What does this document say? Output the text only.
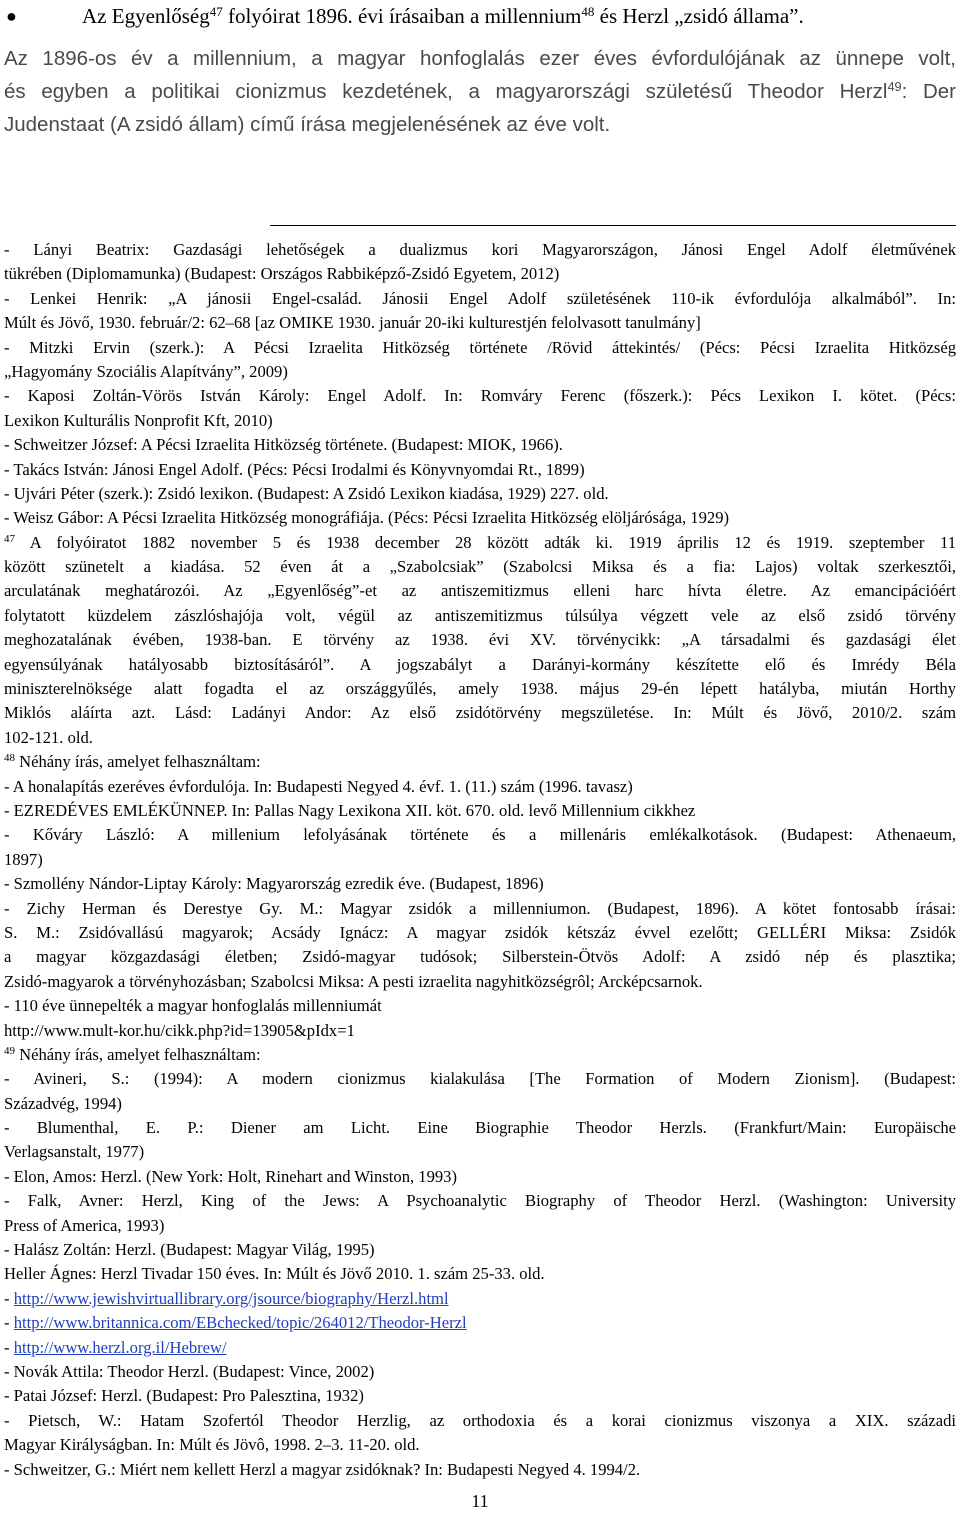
●	Az Egyenlőség$^{47}$ folyóirat 1896. évi írásaiban a millennium$^{48}$ és Herzl „zsidó állama”.
Az 1896-os év a millennium, a magyar honfoglalás ezer éves évfordulójának az ünnepe volt,
és egyben a politikai cionizmus kezdetének, a magyarországi születésű Theodor Herzl$^{49}$: Der
Judenstaat (A zsidó állam) című írása megjelenésének az éve volt.
- Lányi Beatrix: Gazdasági lehetőségek a dualizmus kori Magyarországon, Jánosi Engel Adolf életművének
tükrében (Diplomamunka) (Budapest: Országos Rabbiképző-Zsidó Egyetem, 2012)
- Lenkei Henrik: „A jánosii Engel-család. Jánosii Engel Adolf születésének 110-ik évfordulója alkalmából”. In:
Múlt és Jövő, 1930. február/2: 62–68 [az OMIKE 1930. január 20-iki kulturestjén felolvasott tanulmány]
- Mitzki Ervin (szerk.): A Pécsi Izraelita Hitközség története /Rövid áttekintés/ (Pécs: Pécsi Izraelita Hitközség
„Hagyomány Szociális Alapítvány”, 2009)
- Kaposi Zoltán-Vörös István Károly: Engel Adolf. In: Romváry Ferenc (főszerk.): Pécs Lexikon I. kötet. (Pécs:
Lexikon Kulturális Nonprofit Kft, 2010)
- Schweitzer József: A Pécsi Izraelita Hitközség története. (Budapest: MIOK, 1966).
- Takács István: Jánosi Engel Adolf. (Pécs: Pécsi Irodalmi és Könyvnyomdai Rt., 1899)
- Ujvári Péter (szerk.): Zsidó lexikon. (Budapest: A Zsidó Lexikon kiadása, 1929) 227. old.
- Weisz Gábor: A Pécsi Izraelita Hitközség monográfiája. (Pécs: Pécsi Izraelita Hitközség elöljárósága, 1929)
$^{47}$ A folyóiratot 1882 november 5 és 1938 december 28 között adták ki. 1919 április 12 és 1919. szeptember 11
között szünetelt a kiadása. 52 éven át a „Szabolcsiak” (Szabolcsi Miksa és a fia: Lajos) voltak szerkesztői,
arculatának meghatározói. Az „Egyenlőség”-et az antiszemitizmus elleni harc hívta életre. Az emancipációért
folytatott küzdelem zászlóshajója volt, végül az antiszemitizmus túlsúlya végzett vele az első zsidó törvény
meghozatalának évében, 1938-ban. E törvény az 1938. évi XV. törvénycikk: „A társadalmi és gazdasági élet
egyensúlyának hatályosabb biztosításáról”. A jogszabályt a Darányi-kormány készítette elő és Imrédy Béla
miniszterelnöksége alatt fogadta el az országgyűlés, amely 1938. május 29-én lépett hatályba, miután Horthy
Miklós aláírta azt. Lásd: Ladányi Andor: Az első zsidótörvény megszületése. In: Múlt és Jövő, 2010/2. szám
102-121. old.
$^{48}$ Néhány írás, amelyet felhasználtam:
- A honalapítás ezeréves évfordulója. In: Budapesti Negyed 4. évf. 1. (11.) szám (1996. tavasz)
- EZREDÉVES EMLÉKÜNNEP. In: Pallas Nagy Lexikona XII. köt. 670. old. levő Millennium cikkhez
- Kőváry László: A millenium lefolyásának története és a millenáris emlékalkotások. (Budapest: Athenaeum,
1897)
- Szmollény Nándor-Liptay Károly: Magyarország ezredik éve. (Budapest, 1896)
- Zichy Herman és Derestye Gy. M.: Magyar zsidók a millenniumon. (Budapest, 1896). A kötet fontosabb írásai:
S. M.: Zsidóvallású magyarok; Acsády Ignácz: A magyar zsidók kétszáz évvel ezelőtt; GELLÉRI Miksa: Zsidók
a magyar közgazdasági életben; Zsidó-magyar tudósok; Silberstein-Ötvös Adolf: A zsidó nép és plasztika;
Zsidó-magyarok a törvényhozásban; Szabolcsi Miksa: A pesti izraelita nagyhitközségrôl; Arcképcsarnok.
- 110 éve ünnepelték a magyar honfoglalás millenniumát
http://www.mult-kor.hu/cikk.php?id=13905&pIdx=1
$^{49}$ Néhány írás, amelyet felhasználtam:
- Avineri, S.: (1994): A modern cionizmus kialakulása [The Formation of Modern Zionism]. (Budapest:
Századvég, 1994)
- Blumenthal, E. P.: Diener am Licht. Eine Biographie Theodor Herzls. (Frankfurt/Main: Europäische
Verlagsanstalt, 1977)
- Elon, Amos: Herzl. (New York: Holt, Rinehart and Winston, 1993)
- Falk, Avner: Herzl, King of the Jews: A Psychoanalytic Biography of Theodor Herzl. (Washington: University
Press of America, 1993)
- Halász Zoltán: Herzl. (Budapest: Magyar Világ, 1995)
Heller Ágnes: Herzl Tivadar 150 éves. In: Múlt és Jövő 2010. 1. szám 25-33. old.
- http://www.jewishvirtuallibrary.org/jsource/biography/Herzl.html
- http://www.britannica.com/EBchecked/topic/264012/Theodor-Herzl
- http://www.herzl.org.il/Hebrew/
- Novák Attila: Theodor Herzl. (Budapest: Vince, 2002)
- Patai József: Herzl. (Budapest: Pro Palesztina, 1932)
- Pietsch, W.: Hatam Szofertól Theodor Herzlig, az orthodoxia és a korai cionizmus viszonya a XIX. századi
Magyar Királyságban. In: Múlt és Jövô, 1998. 2–3. 11-20. old.
- Schweitzer, G.: Miért nem kellett Herzl a magyar zsidóknak? In: Budapesti Negyed 4. 1994/2.
11
